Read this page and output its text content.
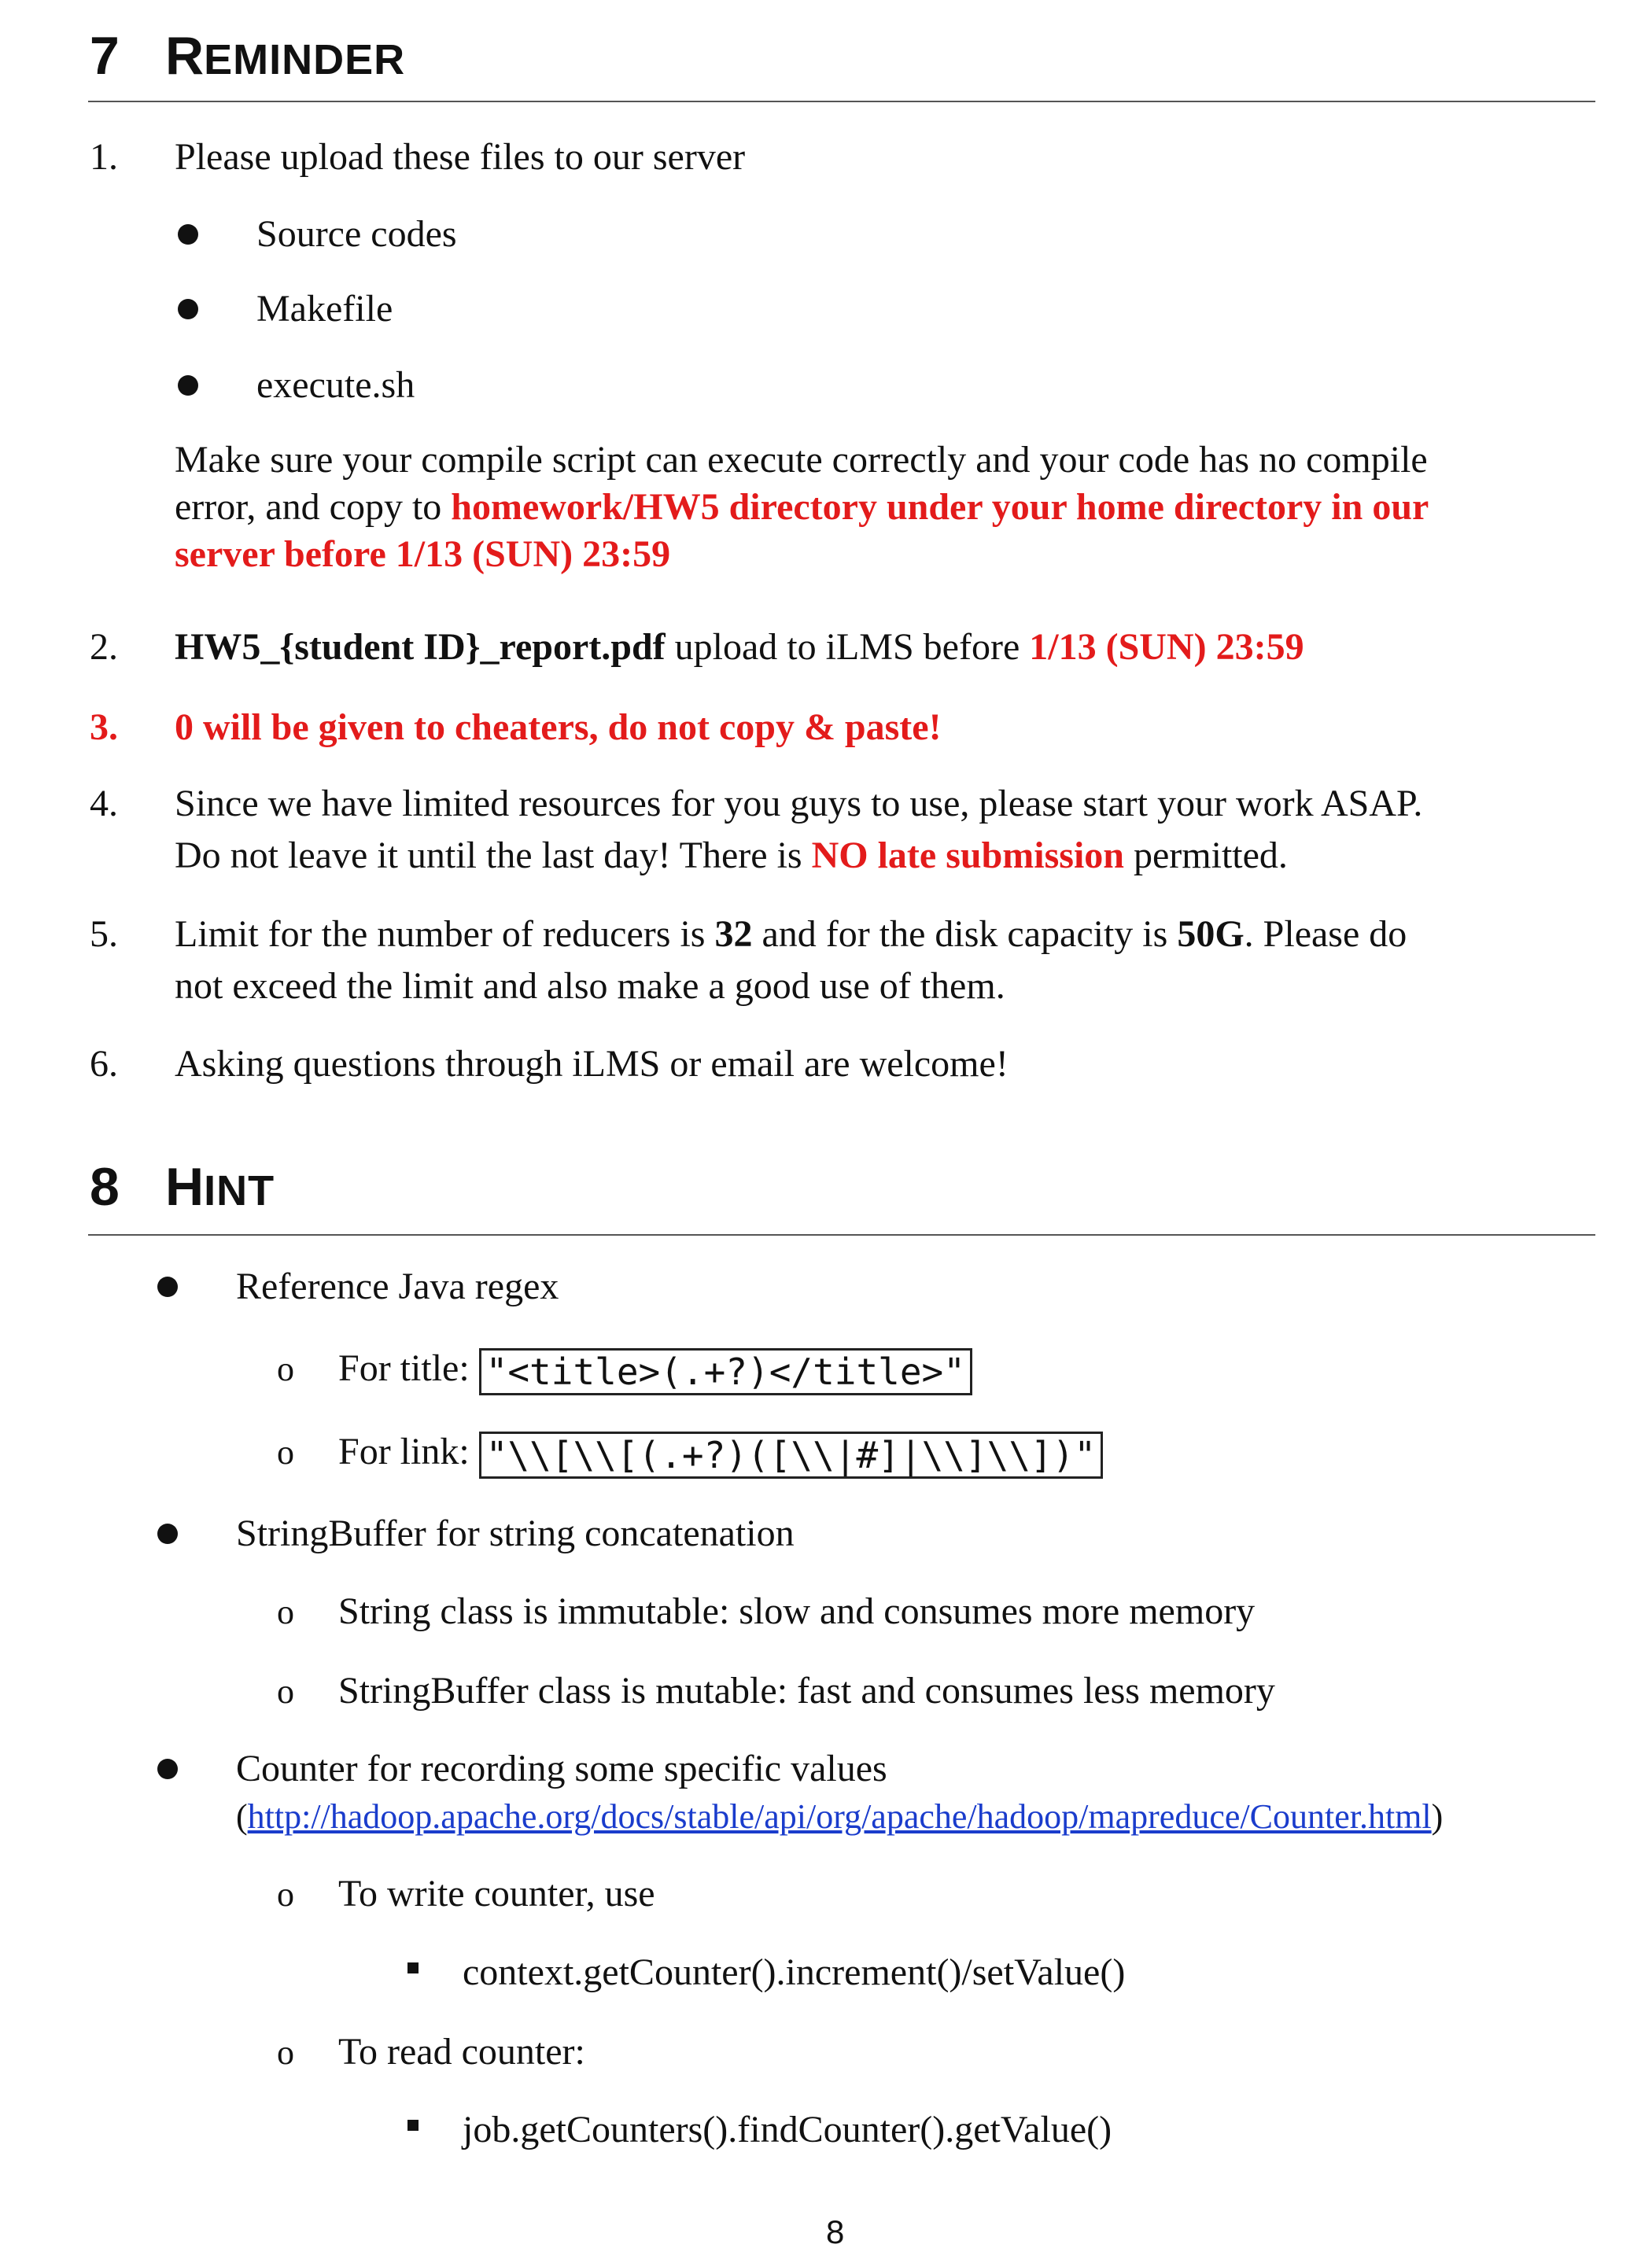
7 REMINDER
1. Please upload these files to our server
Source codes
Makefile
execute.sh
Make sure your compile script can execute correctly and your code has no compile
error, and copy to homework/HW5 directory under your home directory in our
server before 1/13 (SUN) 23:59
2. HW5_{student ID}_report.pdf upload to iLMS before 1/13 (SUN) 23:59
3. 0 will be given to cheaters, do not copy & paste!
4. Since we have limited resources for you guys to use, please start your work ASAP.
Do not leave it until the last day! There is NO late submission permitted.
5. Limit for the number of reducers is 32 and for the disk capacity is 50G. Please do
not exceed the limit and also make a good use of them.
6. Asking questions through iLMS or email are welcome!
8 HINT
Reference Java regex
o For title: "<title>(.+?)</title>"
o For link: "\\[\\[(.+?)([\\|#]|\\]\\])"
StringBuffer for string concatenation
o String class is immutable: slow and consumes more memory
o StringBuffer class is mutable: fast and consumes less memory
Counter for recording some specific values
(http://hadoop.apache.org/docs/stable/api/org/apache/hadoop/mapreduce/Counter.html)
o To write counter, use
context.getCounter().increment()/setValue()
o To read counter:
job.getCounters().findCounter().getValue()
8
